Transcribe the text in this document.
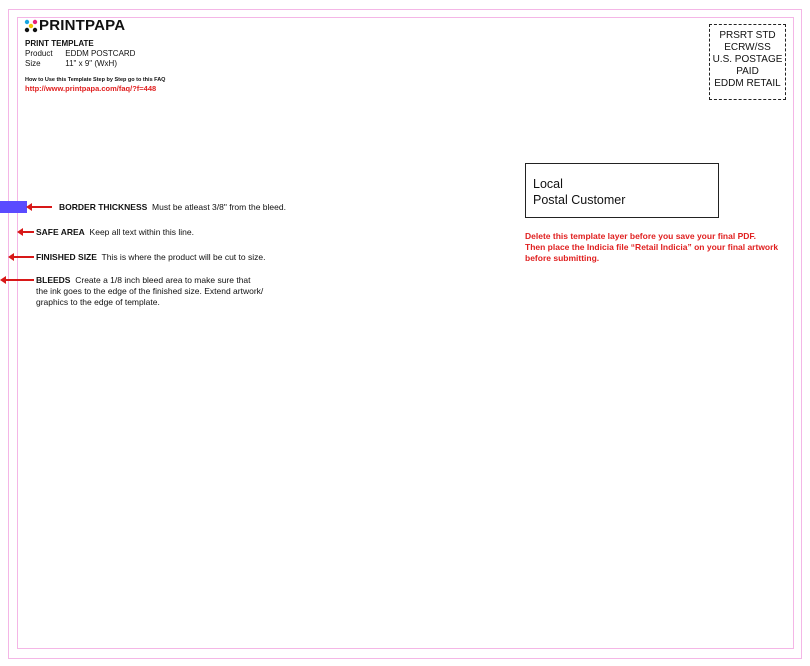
PRINTPAPA
PRINT TEMPLATE
Product EDDM POSTCARD
Size	11" x 9" (WxH)
How to Use this Template Step by Step go to this FAQ
http://www.printpapa.com/faq/?f=448
PRSRT STD
ECRW/SS
U.S. POSTAGE
PAID
EDDM RETAIL
Local
Postal Customer
Delete this template layer before you save your final PDF.
Then place the Indicia file “Retail Indicia” on your final artwork
before submitting.
BORDER THICKNESS Must be atleast 3/8" from the bleed.
SAFE AREA Keep all text within this line.
FINISHED SIZE This is where the product will be cut to size.
BLEEDS Create a 1/8 inch bleed area to make sure that
the ink goes to the edge of the finished size. Extend artwork/
graphics to the edge of template.
